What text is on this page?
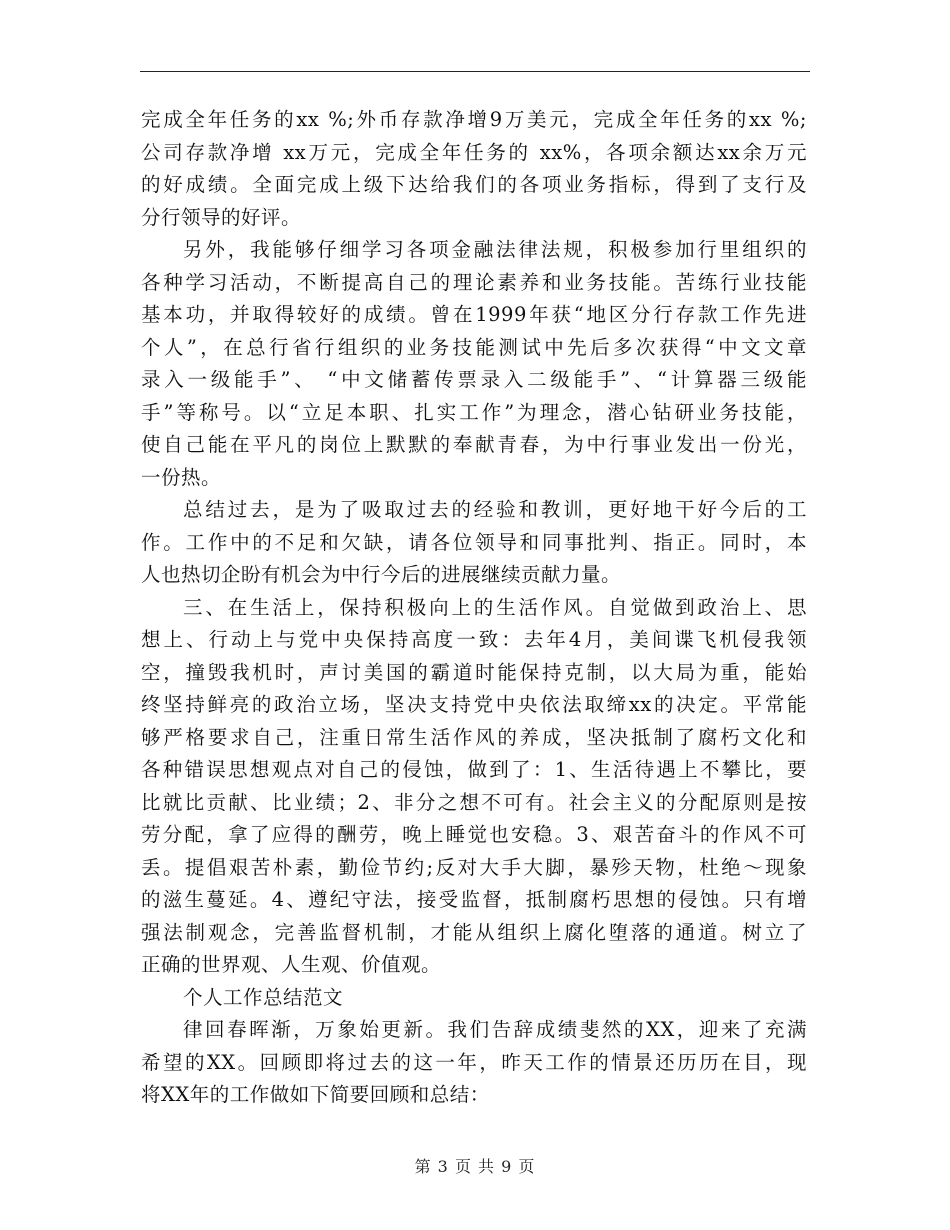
完成全年任务的xx %;外币存款净增9万美元，完成全年任务的xx %;
公司存款净增 xx万元，完成全年任务的 xx%，各项余额达xx余万元
的好成绩。全面完成上级下达给我们的各项业务指标，得到了支行及
分行领导的好评。
另外，我能够仔细学习各项金融法律法规，积极参加行里组织的
各种学习活动，不断提高自己的理论素养和业务技能。苦练行业技能
基本功，并取得较好的成绩。曾在1999年获“地区分行存款工作先进
个人”，在总行省行组织的业务技能测试中先后多次获得“中文文章
录入一级能手”、 “中文储蓄传票录入二级能手”、“计算器三级能
手”等称号。以“立足本职、扎实工作”为理念，潜心钻研业务技能，
使自己能在平凡的岗位上默默的奉献青春，为中行事业发出一份光，
一份热。
总结过去，是为了吸取过去的经验和教训，更好地干好今后的工
作。工作中的不足和欠缺，请各位领导和同事批判、指正。同时，本
人也热切企盼有机会为中行今后的进展继续贡献力量。
三、在生活上，保持积极向上的生活作风。自觉做到政治上、思
想上、行动上与党中央保持高度一致：去年4月，美间谍飞机侵我领
空，撞毁我机时，声讨美国的霸道时能保持克制，以大局为重，能始
终坚持鲜亮的政治立场，坚决支持党中央依法取缔xx的决定。平常能
够严格要求自己，注重日常生活作风的养成，坚决抵制了腐朽文化和
各种错误思想观点对自己的侵蚀，做到了：1、生活待遇上不攀比，要
比就比贡献、比业绩；2、非分之想不可有。社会主义的分配原则是按
劳分配，拿了应得的酬劳，晚上睡觉也安稳。3、艰苦奋斗的作风不可
丢。提倡艰苦朴素，勤俭节约;反对大手大脚，暴殄天物，杜绝～现象
的滋生蔓延。4、遵纪守法，接受监督，抵制腐朽思想的侵蚀。只有增
强法制观念，完善监督机制，才能从组织上腐化堕落的通道。树立了
正确的世界观、人生观、价值观。
个人工作总结范文
律回春晖渐，万象始更新。我们告辞成绩斐然的XX，迎来了充满
希望的XX。回顾即将过去的这一年，昨天工作的情景还历历在目，现
将XX年的工作做如下简要回顾和总结：
第 3 页 共 9 页
